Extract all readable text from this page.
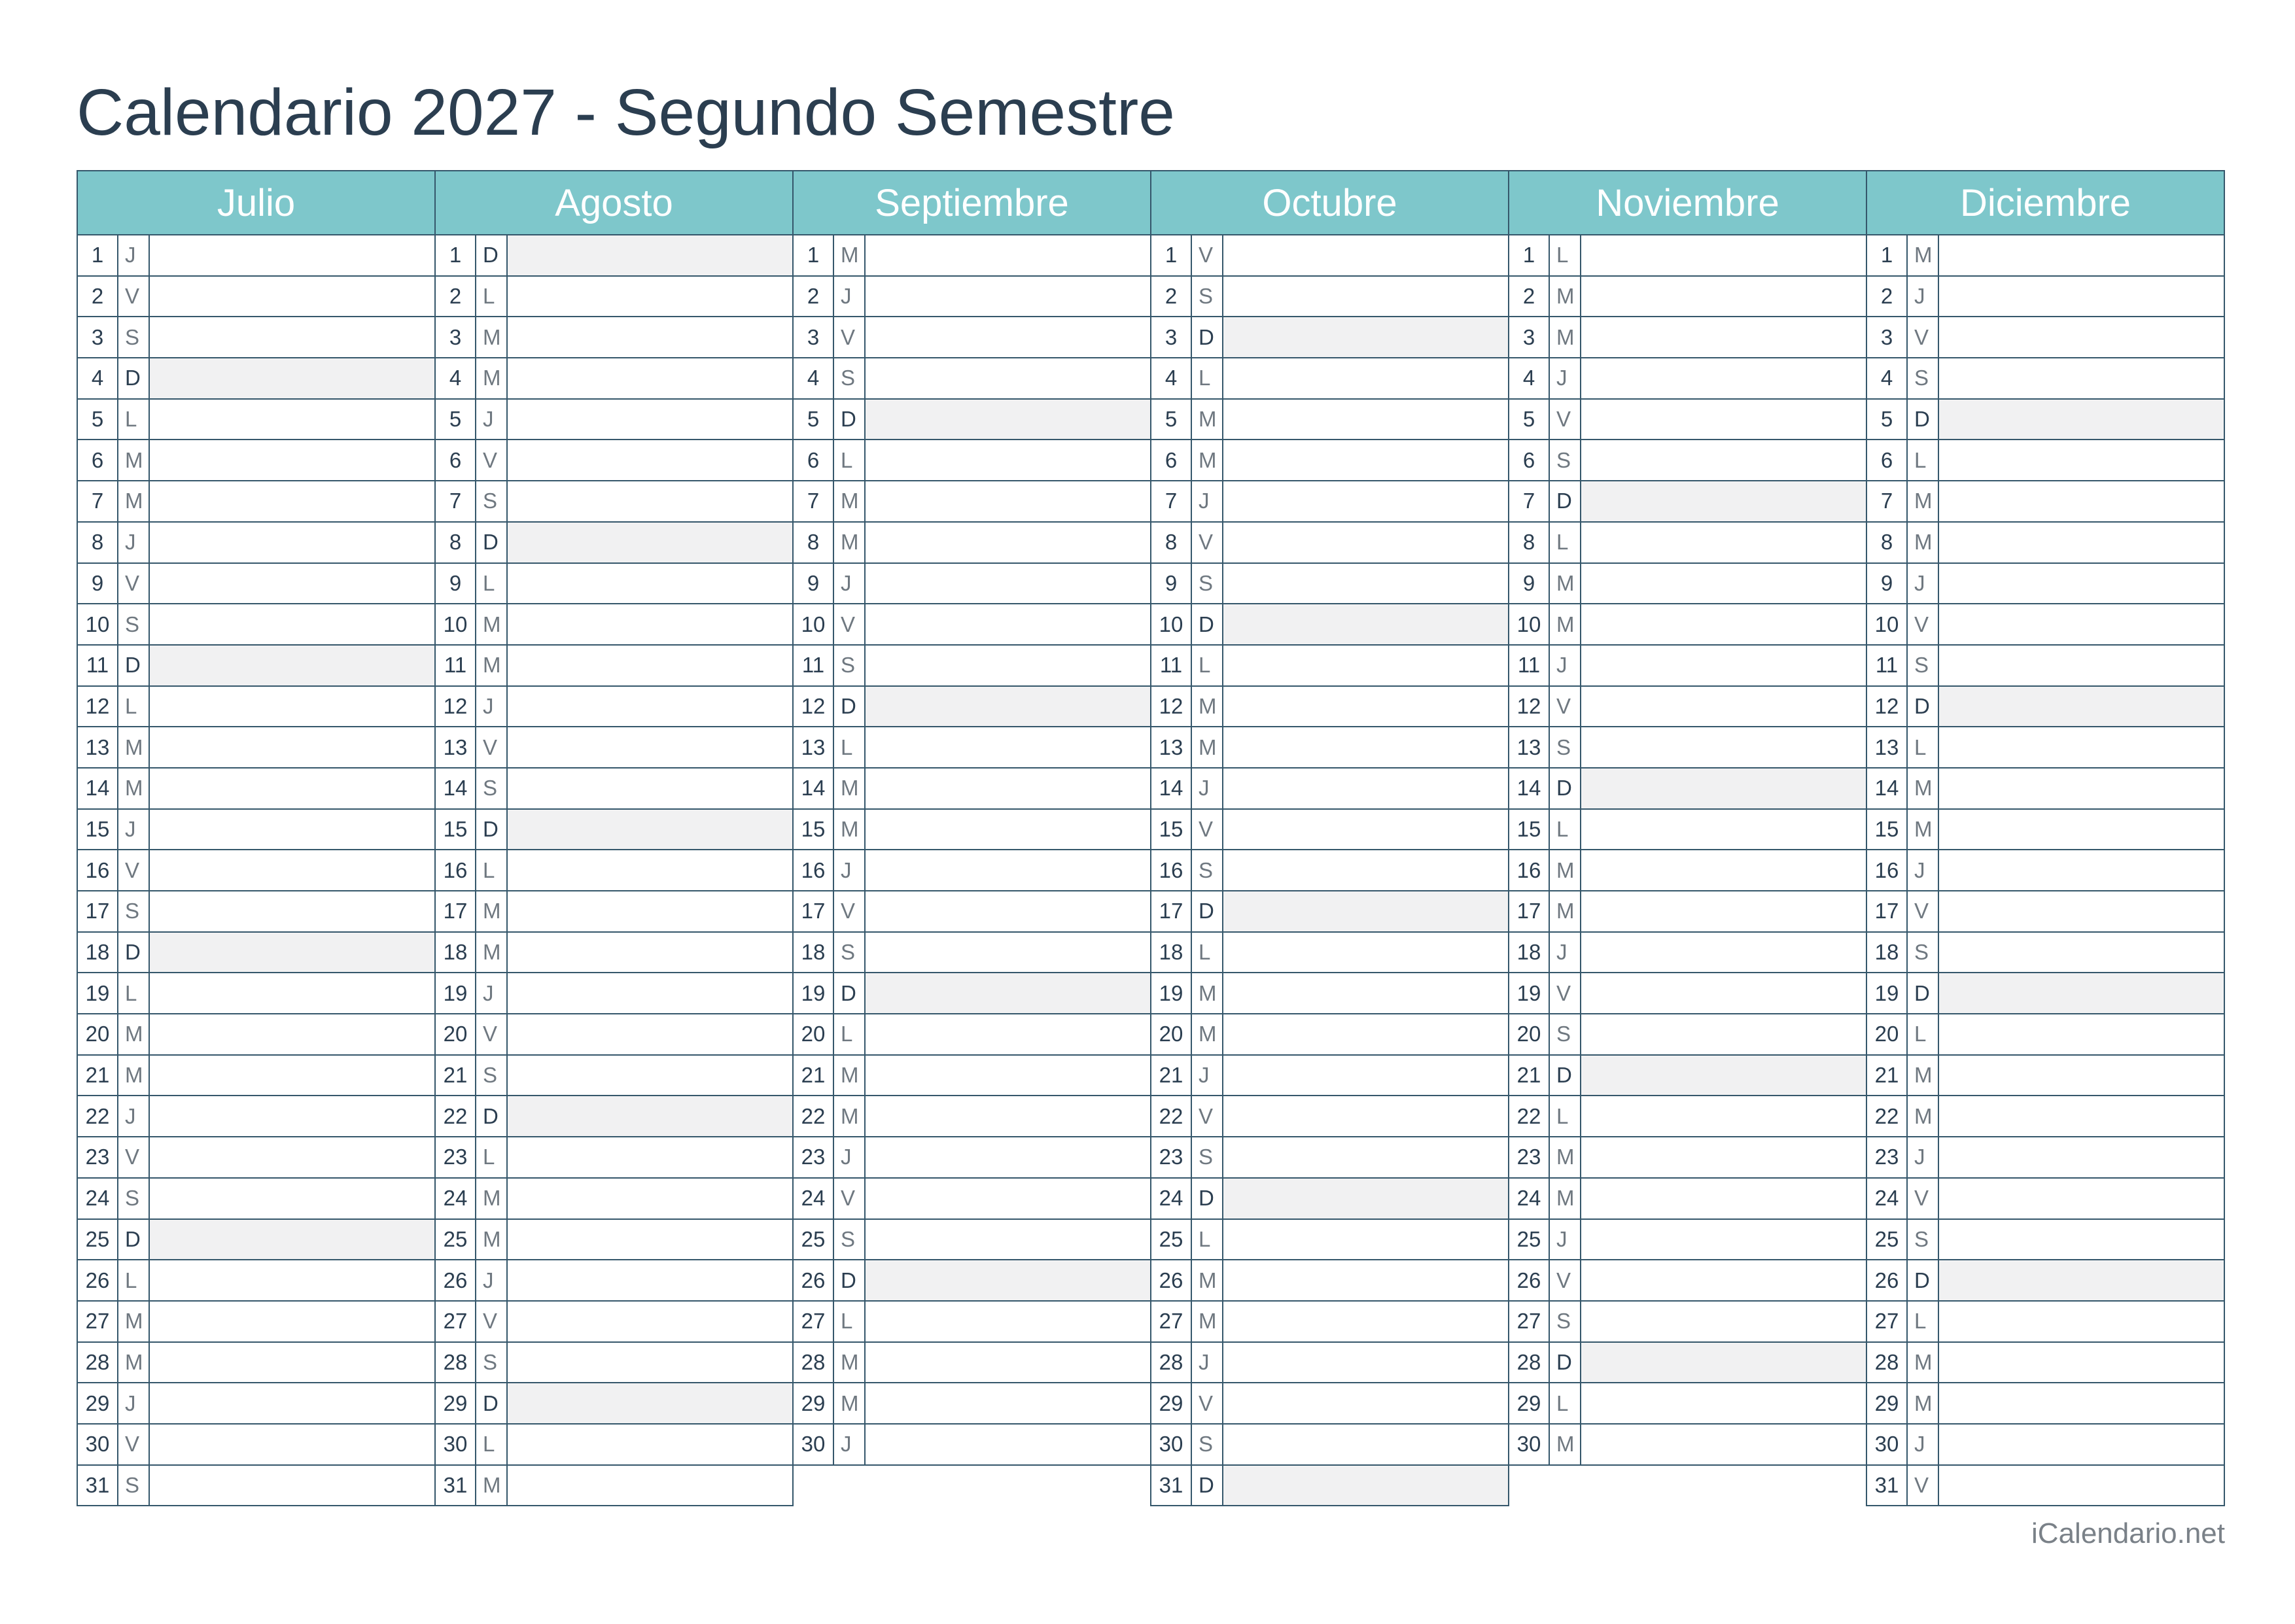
Calendario 2027 - Segundo Semestre
Julio
1 J
2 V
3 S
4 D
5 L
6 M
7 M
8 J
9 V
10 S
11 D
12 L
13 M
14 M
15 J
16 V
17 S
18 D
19 L
20 M
21 M
22 J
23 V
24 S
25 D
26 L
27 M
28 M
29 J
30 V
31 S
Agosto
1 D
2 L
3 M
4 M
5 J
6 V
7 S
8 D
9 L
10 M
11 M
12 J
13 V
14 S
15 D
16 L
17 M
18 M
19 J
20 V
21 S
22 D
23 L
24 M
25 M
26 J
27 V
28 S
29 D
30 L
31 M
Septiembre
1 M
2 J
3 V
4 S
5 D
6 L
7 M
8 M
9 J
10 V
11 S
12 D
13 L
14 M
15 M
16 J
17 V
18 S
19 D
20 L
21 M
22 M
23 J
24 V
25 S
26 D
27 L
28 M
29 M
30 J
Octubre
1 V
2 S
3 D
4 L
5 M
6 M
7 J
8 V
9 S
10 D
11 L
12 M
13 M
14 J
15 V
16 S
17 D
18 L
19 M
20 M
21 J
22 V
23 S
24 D
25 L
26 M
27 M
28 J
29 V
30 S
31 D
Noviembre
1 L
2 M
3 M
4 J
5 V
6 S
7 D
8 L
9 M
10 M
11 J
12 V
13 S
14 D
15 L
16 M
17 M
18 J
19 V
20 S
21 D
22 L
23 M
24 M
25 J
26 V
27 S
28 D
29 L
30 M
Diciembre
1 M
2 J
3 V
4 S
5 D
6 L
7 M
8 M
9 J
10 V
11 S
12 D
13 L
14 M
15 M
16 J
17 V
18 S
19 D
20 L
21 M
22 M
23 J
24 V
25 S
26 D
27 L
28 M
29 M
30 J
31 V

iCalendario.net
